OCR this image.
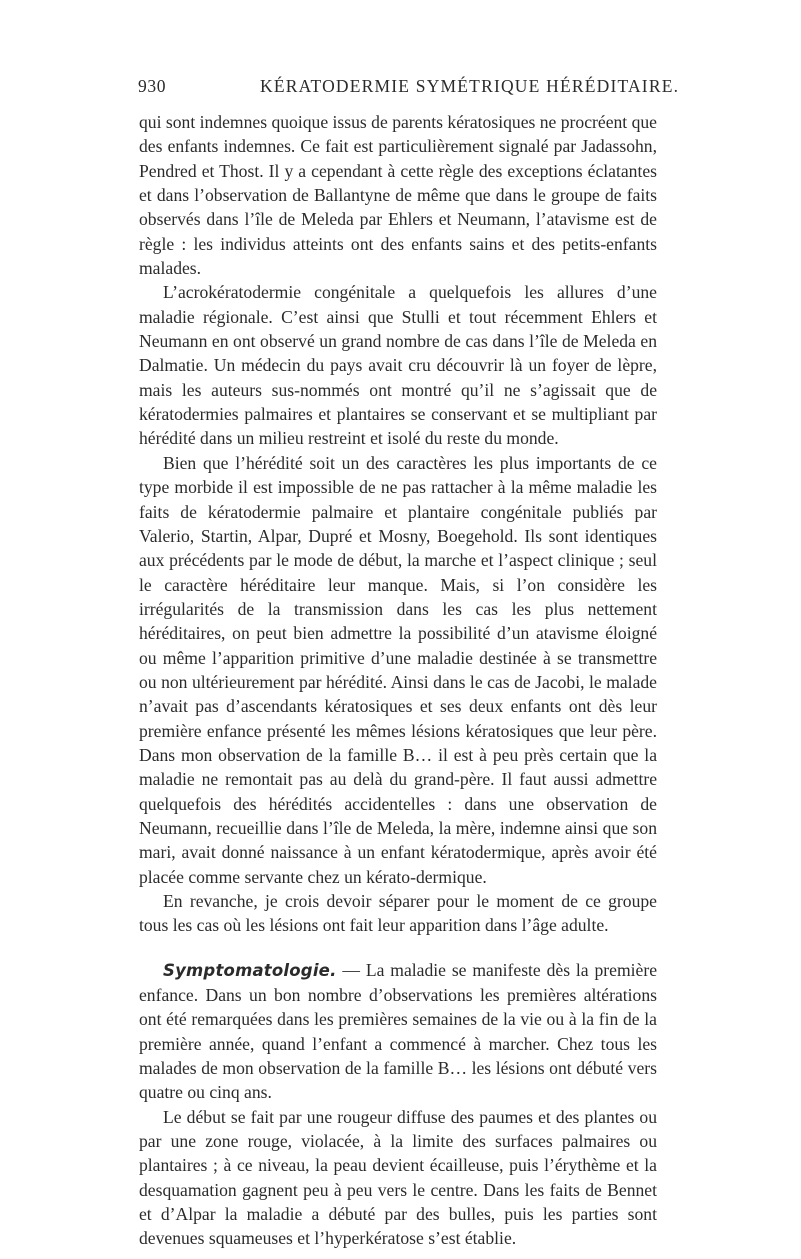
930	KÉRATODERMIE SYMÉTRIQUE HÉRÉDITAIRE.

qui sont indemnes quoique issus de parents kératosiques ne procréent que des enfants indemnes. Ce fait est particulièrement signalé par Jadassohn, Pendred et Thost. Il y a cependant à cette règle des exceptions éclatantes et dans l’observation de Ballantyne de même que dans le groupe de faits observés dans l’île de Meleda par Ehlers et Neumann, l’atavisme est de règle : les individus atteints ont des enfants sains et des petits-enfants malades.

L’acrokératodermie congénitale a quelquefois les allures d’une maladie régionale. C’est ainsi que Stulli et tout récemment Ehlers et Neumann en ont observé un grand nombre de cas dans l’île de Meleda en Dalmatie. Un médecin du pays avait cru découvrir là un foyer de lèpre, mais les auteurs sus-nommés ont montré qu’il ne s’agissait que de kératodermies palmaires et plantaires se conservant et se multipliant par hérédité dans un milieu restreint et isolé du reste du monde.

Bien que l’hérédité soit un des caractères les plus importants de ce type morbide il est impossible de ne pas rattacher à la même maladie les faits de kératodermie palmaire et plantaire congénitale publiés par Valerio, Startin, Alpar, Dupré et Mosny, Boegehold. Ils sont identiques aux précédents par le mode de début, la marche et l’aspect clinique ; seul le caractère héréditaire leur manque. Mais, si l’on considère les irrégularités de la transmission dans les cas les plus nettement héréditaires, on peut bien admettre la possibilité d’un atavisme éloigné ou même l’apparition primitive d’une maladie destinée à se transmettre ou non ultérieurement par hérédité. Ainsi dans le cas de Jacobi, le malade n’avait pas d’ascendants kératosiques et ses deux enfants ont dès leur première enfance présenté les mêmes lésions kératosiques que leur père. Dans mon observation de la famille B… il est à peu près certain que la maladie ne remontait pas au delà du grand-père. Il faut aussi admettre quelquefois des hérédités accidentelles : dans une observation de Neumann, recueillie dans l’île de Meleda, la mère, indemne ainsi que son mari, avait donné naissance à un enfant kératodermique, après avoir été placée comme servante chez un kérato-dermique.

En revanche, je crois devoir séparer pour le moment de ce groupe tous les cas où les lésions ont fait leur apparition dans l’âge adulte.

Symptomatologie. — La maladie se manifeste dès la première enfance. Dans un bon nombre d’observations les premières altérations ont été remarquées dans les premières semaines de la vie ou à la fin de la première année, quand l’enfant a commencé à marcher. Chez tous les malades de mon observation de la famille B… les lésions ont débuté vers quatre ou cinq ans.

Le début se fait par une rougeur diffuse des paumes et des plantes ou par une zone rouge, violacée, à la limite des surfaces palmaires ou plantaires ; à ce niveau, la peau devient écailleuse, puis l’érythème et la desquamation gagnent peu à peu vers le centre. Dans les faits de Bennet et d’Alpar la maladie a débuté par des bulles, puis les parties sont devenues squameuses et l’hyperkératose s’est établie.
